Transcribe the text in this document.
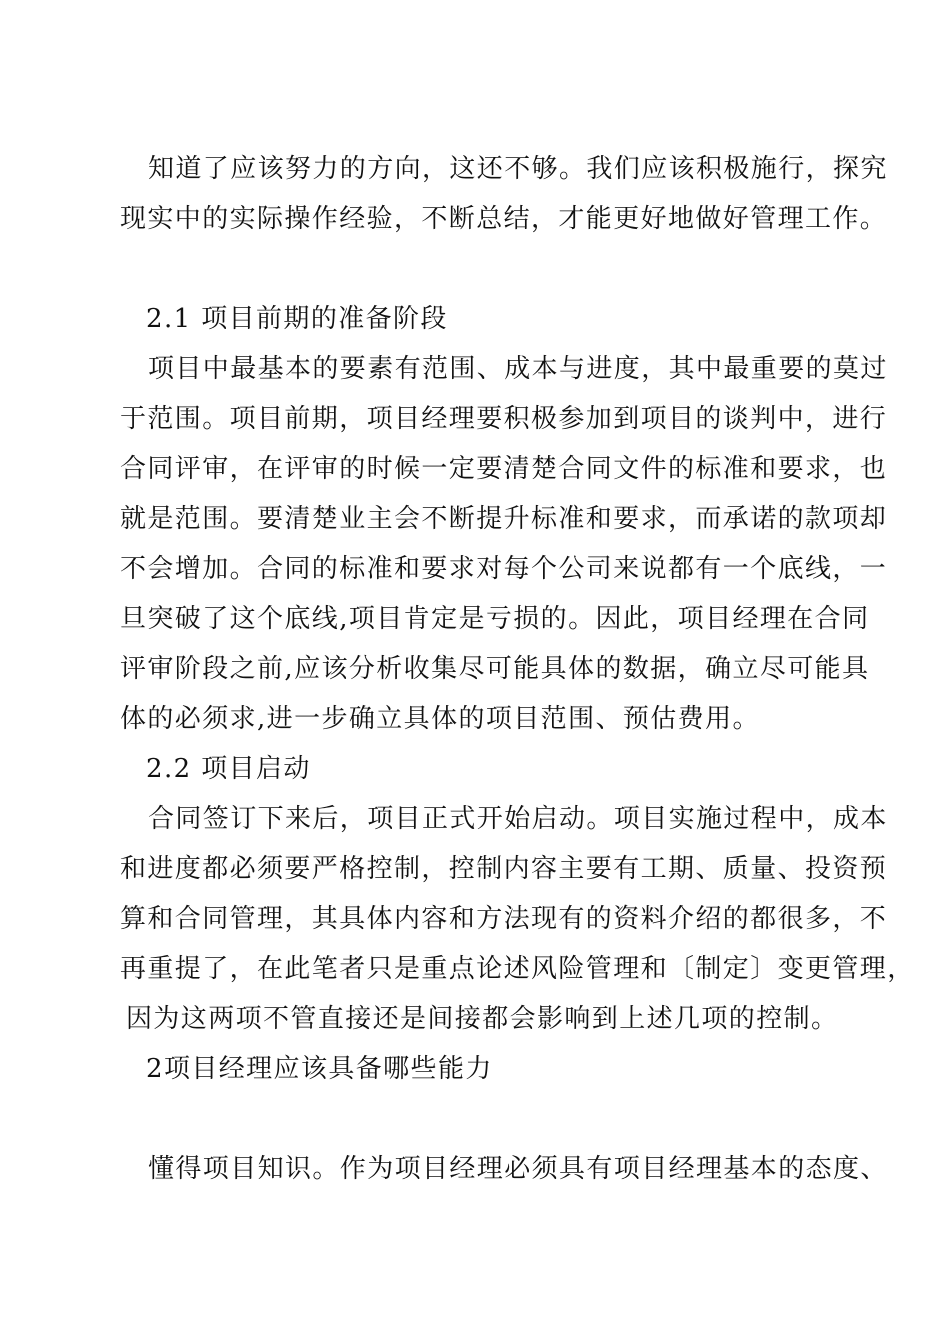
知道了应该努力的方向，这还不够。我们应该积极施行，探究
现实中的实际操作经验，不断总结，才能更好地做好管理工作。
2.1 项目前期的准备阶段
项目中最基本的要素有范围、成本与进度，其中最重要的莫过
于范围。项目前期，项目经理要积极参加到项目的谈判中，进行
合同评审，在评审的时候一定要清楚合同文件的标准和要求，也
就是范围。要清楚业主会不断提升标准和要求，而承诺的款项却
不会增加。合同的标准和要求对每个公司来说都有一个底线，一
旦突破了这个底线,项目肯定是亏损的。因此，项目经理在合同
评审阶段之前,应该分析收集尽可能具体的数据，确立尽可能具
体的必须求,进一步确立具体的项目范围、预估费用。
2.2 项目启动
合同签订下来后，项目正式开始启动。项目实施过程中，成本
和进度都必须要严格控制，控制内容主要有工期、质量、投资预
算和合同管理，其具体内容和方法现有的资料介绍的都很多，不
再重提了，在此笔者只是重点论述风险管理和〔制定〕变更管理，
因为这两项不管直接还是间接都会影响到上述几项的控制。
2项目经理应该具备哪些能力
懂得项目知识。作为项目经理必须具有项目经理基本的态度、
